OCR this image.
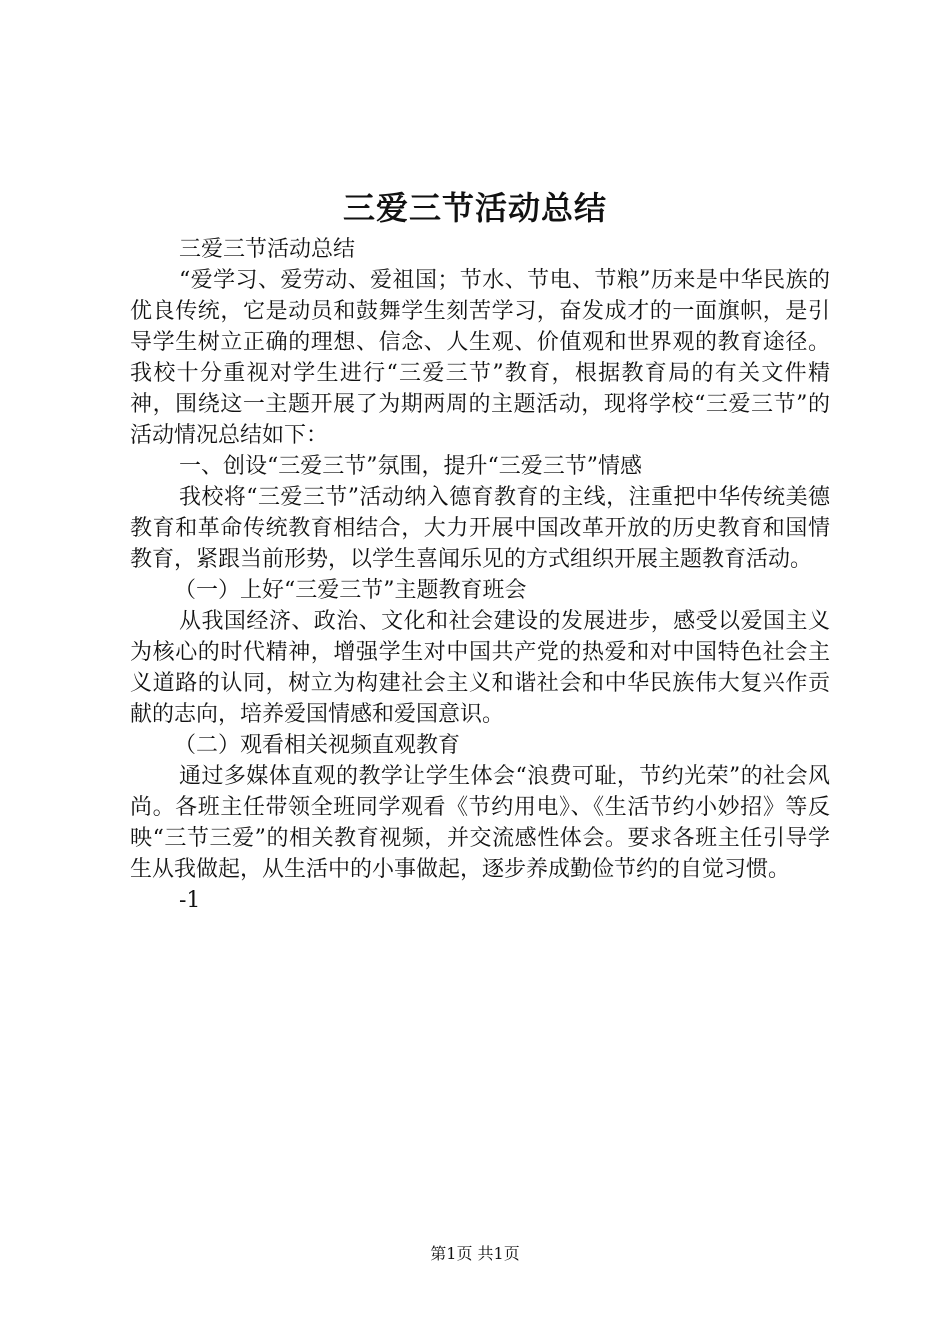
三爱三节活动总结

三爱三节活动总结

“爱学习、爱劳动、爱祖国；节水、节电、节粮”历来是中华民族的优良传统，它是动员和鼓舞学生刻苦学习，奋发成才的一面旗帜，是引导学生树立正确的理想、信念、人生观、价值观和世界观的教育途径。我校十分重视对学生进行“三爱三节”教育，根据教育局的有关文件精神，围绕这一主题开展了为期两周的主题活动，现将学校“三爱三节”的活动情况总结如下：

一、创设“三爱三节”氛围，提升“三爱三节”情感

我校将“三爱三节”活动纳入德育教育的主线，注重把中华传统美德教育和革命传统教育相结合，大力开展中国改革开放的历史教育和国情教育，紧跟当前形势，以学生喜闻乐见的方式组织开展主题教育活动。

（一）上好“三爱三节”主题教育班会

从我国经济、政治、文化和社会建设的发展进步，感受以爱国主义为核心的时代精神，增强学生对中国共产党的热爱和对中国特色社会主义道路的认同，树立为构建社会主义和谐社会和中华民族伟大复兴作贡献的志向，培养爱国情感和爱国意识。

（二）观看相关视频直观教育

通过多媒体直观的教学让学生体会“浪费可耻，节约光荣”的社会风尚。各班主任带领全班同学观看《节约用电》、《生活节约小妙招》等反映“三节三爱”的相关教育视频，并交流感性体会。要求各班主任引导学生从我做起，从生活中的小事做起，逐步养成勤俭节约的自觉习惯。

-1

第1页 共1页
